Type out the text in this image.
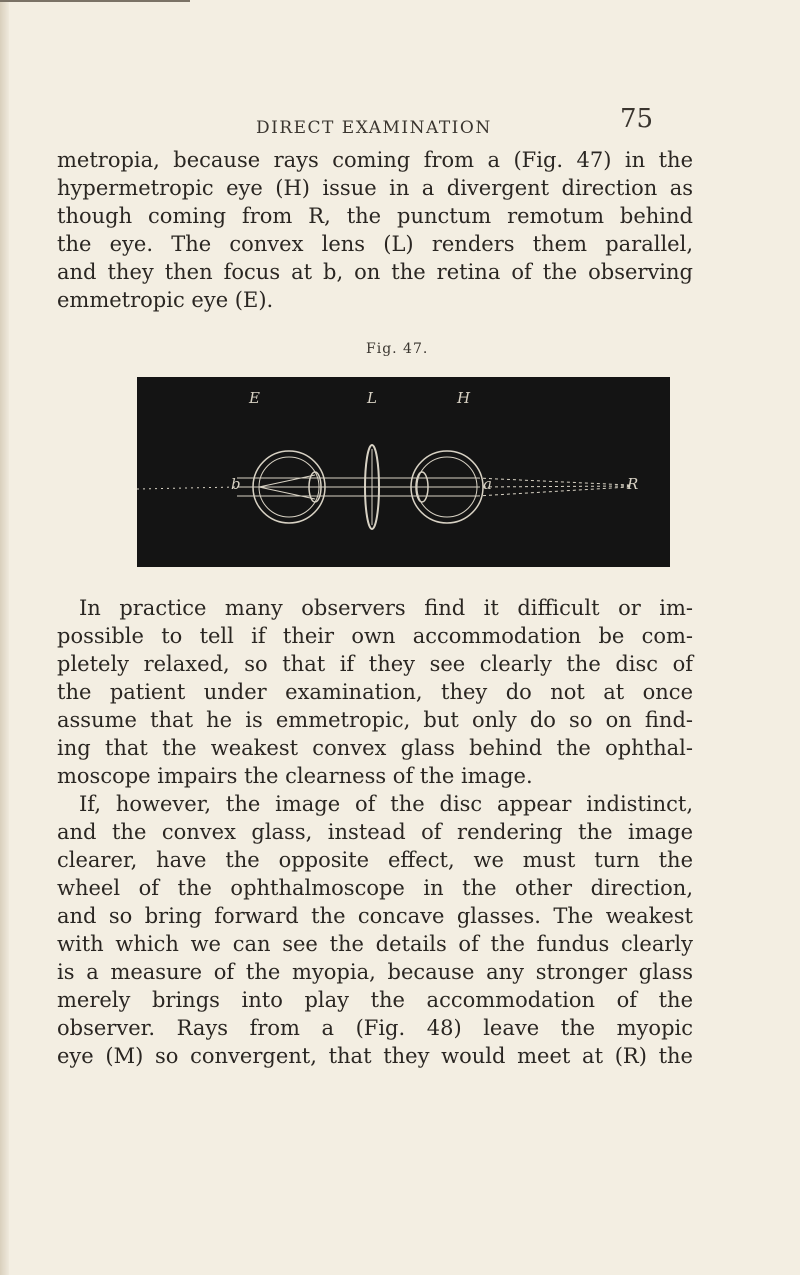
DIRECT EXAMINATION	75

metropia, because rays coming from a (Fig. 47) in the
hypermetropic eye (H) issue in a divergent direction as
though coming from R, the punctum remotum behind
the eye. The convex lens (L) renders them parallel,
and they then focus at b, on the retina of the observing
emmetropic eye (E).

Fig. 47.
E	L	H
b	a	R

In practice many observers find it difficult or im-
possible to tell if their own accommodation be com-
pletely relaxed, so that if they see clearly the disc of
the patient under examination, they do not at once
assume that he is emmetropic, but only do so on find-
ing that the weakest convex glass behind the ophthal-
moscope impairs the clearness of the image.

If, however, the image of the disc appear indistinct,
and the convex glass, instead of rendering the image
clearer, have the opposite effect, we must turn the
wheel of the ophthalmoscope in the other direction,
and so bring forward the concave glasses. The weakest
with which we can see the details of the fundus clearly
is a measure of the myopia, because any stronger glass
merely brings into play the accommodation of the
observer. Rays from a (Fig. 48) leave the myopic
eye (M) so convergent, that they would meet at (R) the
